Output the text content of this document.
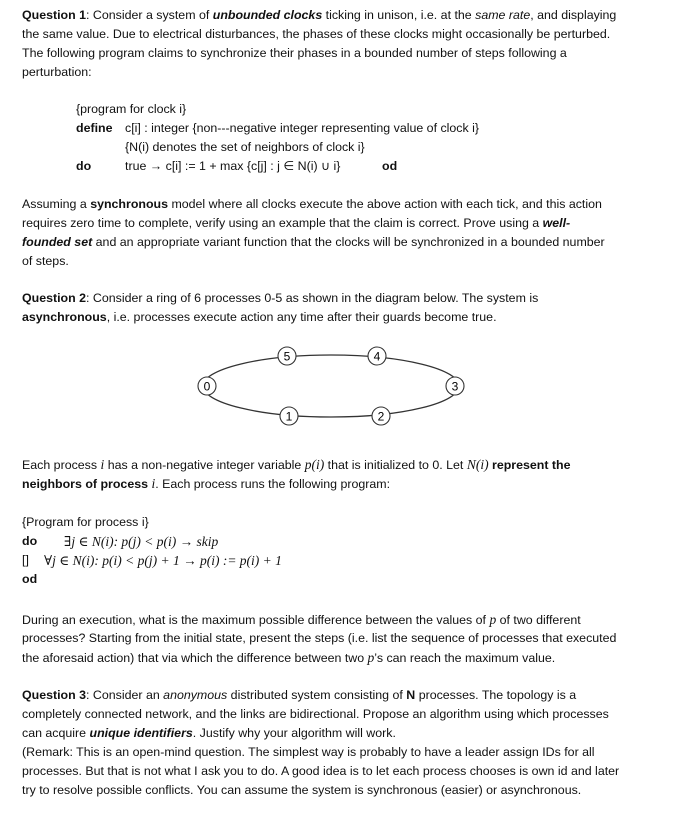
Question 1: Consider a system of unbounded clocks ticking in unison, i.e. at the same rate, and displaying
the same value. Due to electrical disturbances, the phases of these clocks might occasionally be perturbed.
The following program claims to synchronize their phases in a bounded number of steps following a
perturbation:
{program for clock i}
define c[i] : integer {non---negative integer representing value of clock i}
{N(i) denotes the set of neighbors of clock i}
do	true → c[i] := 1 + max {c[j] : j ∈ N(i) ∪ i}	od
Assuming a synchronous model where all clocks execute the above action with each tick, and this action
requires zero time to complete, verify using an example that the claim is correct. Prove using a well-
founded set and an appropriate variant function that the clocks will be synchronized in a bounded number
of steps.
Question 2: Consider a ring of 6 processes 0-5 as shown in the diagram below. The system is
asynchronous, i.e. processes execute action any time after their guards become true.
0
1	2
3
4
5
Each process i has a non-negative integer variable p(i) that is initialized to 0. Let N(i) represent the
neighbors of process i. Each process runs the following program:
{Program for process i}
do ∃j ∈ N(i): p(j) < p(i) → skip
[] ∀j ∈ N(i): p(i) < p(j) + 1 → p(i) := p(i) + 1
od
During an execution, what is the maximum possible difference between the values of p of two different
processes? Starting from the initial state, present the steps (i.e. list the sequence of processes that executed
the aforesaid action) that via which the difference between two p’s can reach the maximum value.
Question 3: Consider an anonymous distributed system consisting of N processes. The topology is a
completely connected network, and the links are bidirectional. Propose an algorithm using which processes
can acquire unique identifiers. Justify why your algorithm will work.
(Remark: This is an open-mind question. The simplest way is probably to have a leader assign IDs for all
processes. But that is not what I ask you to do. A good idea is to let each process chooses is own id and later
try to resolve possible conflicts. You can assume the system is synchronous (easier) or asynchronous.
